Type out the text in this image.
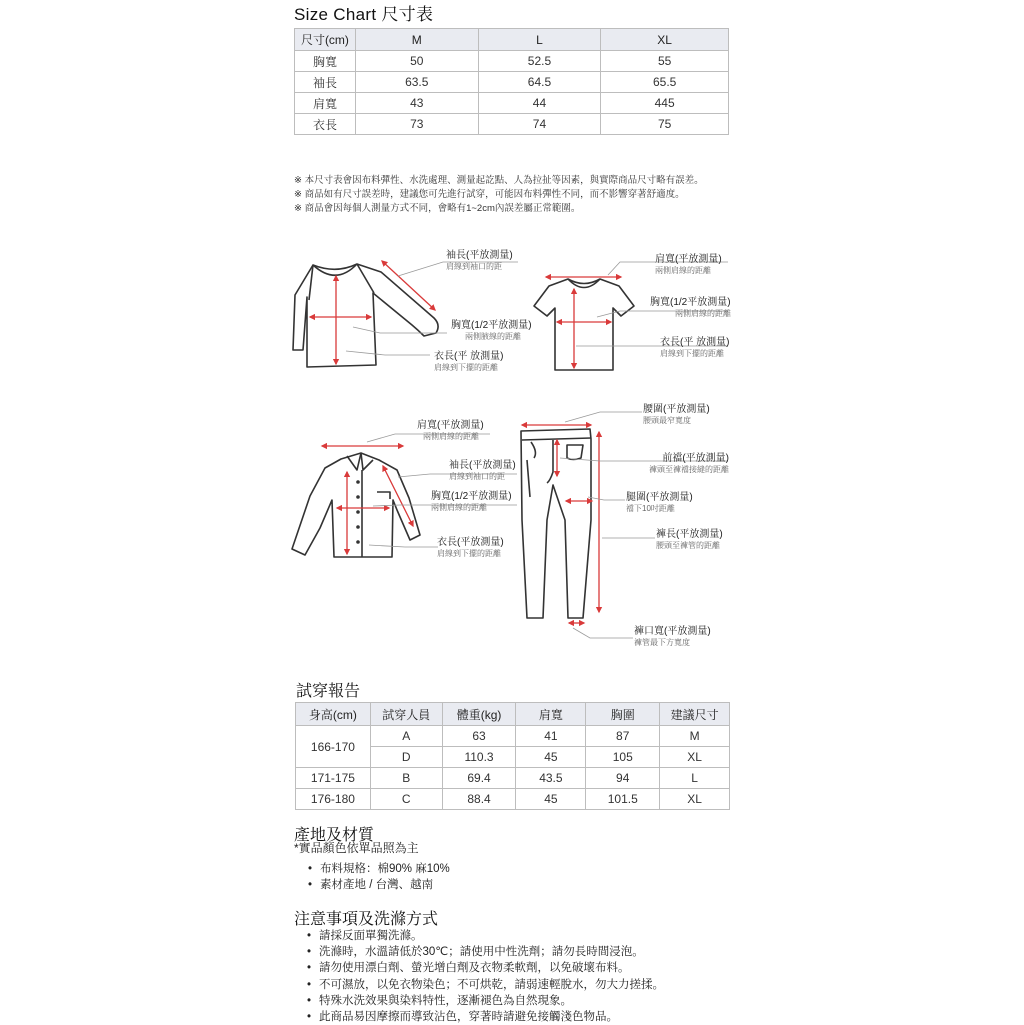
Size Chart 尺寸表
尺寸(cm)	M	L	XL
胸寬	50	52.5	55
袖長	63.5	64.5	65.5
肩寬	43	44	445
衣長	73	74	75
※ 本尺寸表會因布料彈性、水洗處理、測量起訖點、人為拉扯等因素，與實際商品尺寸略有誤差。
※ 商品如有尺寸誤差時，建議您可先進行試穿，可能因布料彈性不同，而不影響穿著舒適度。
※ 商品會因每個人測量方式不同，會略有1~2cm內誤差屬正常範圍。
袖長(平放測量)
肩線到袖口的距
胸寬(1/2平放測量)
兩側腋線的距離
衣長(平 放測量)
肩線到下擺的距離
肩寬(平放測量)
兩側肩線的距離
胸寬(1/2平放測量)
兩側肩線的距離
衣長(平 放測量)
肩線到下擺的距離
肩寬(平放測量)
兩側肩線的距離
袖長(平放測量)
肩線到袖口的距
胸寬(1/2平放測量)
兩側肩線的距離
衣長(平放測量)
肩線到下擺的距離
腰圍(平放測量)
腰頭最窄寬度
前襠(平放測量)
褲頭至褲襠接縫的距離
腿圍(平放測量)
襠下10吋距離
褲長(平放測量)
腰頭至褲管的距離
褲口寬(平放測量)
褲管最下方寬度
試穿報告
身高(cm)	試穿人員	體重(kg)	肩寬	胸圍	建議尺寸
166-170	A	63	41	87	M
	D	110.3	45	105	XL
171-175	B	69.4	43.5	94	L
176-180	C	88.4	45	101.5	XL
產地及材質
*實品顏色依單品照為主
• 布料規格：棉90% 麻10%
• 素材產地 / 台灣、越南
注意事項及洗滌方式
• 請採反面單獨洗滌。
• 洗滌時，水溫請低於30℃；請使用中性洗劑；請勿長時間浸泡。
• 請勿使用漂白劑、螢光增白劑及衣物柔軟劑，以免破壞布料。
• 不可濕放，以免衣物染色；不可烘乾，請弱速輕脫水，勿大力搓揉。
• 特殊水洗效果與染料特性，逐漸褪色為自然現象。
• 此商品易因摩擦而導致沾色，穿著時請避免接觸淺色物品。
